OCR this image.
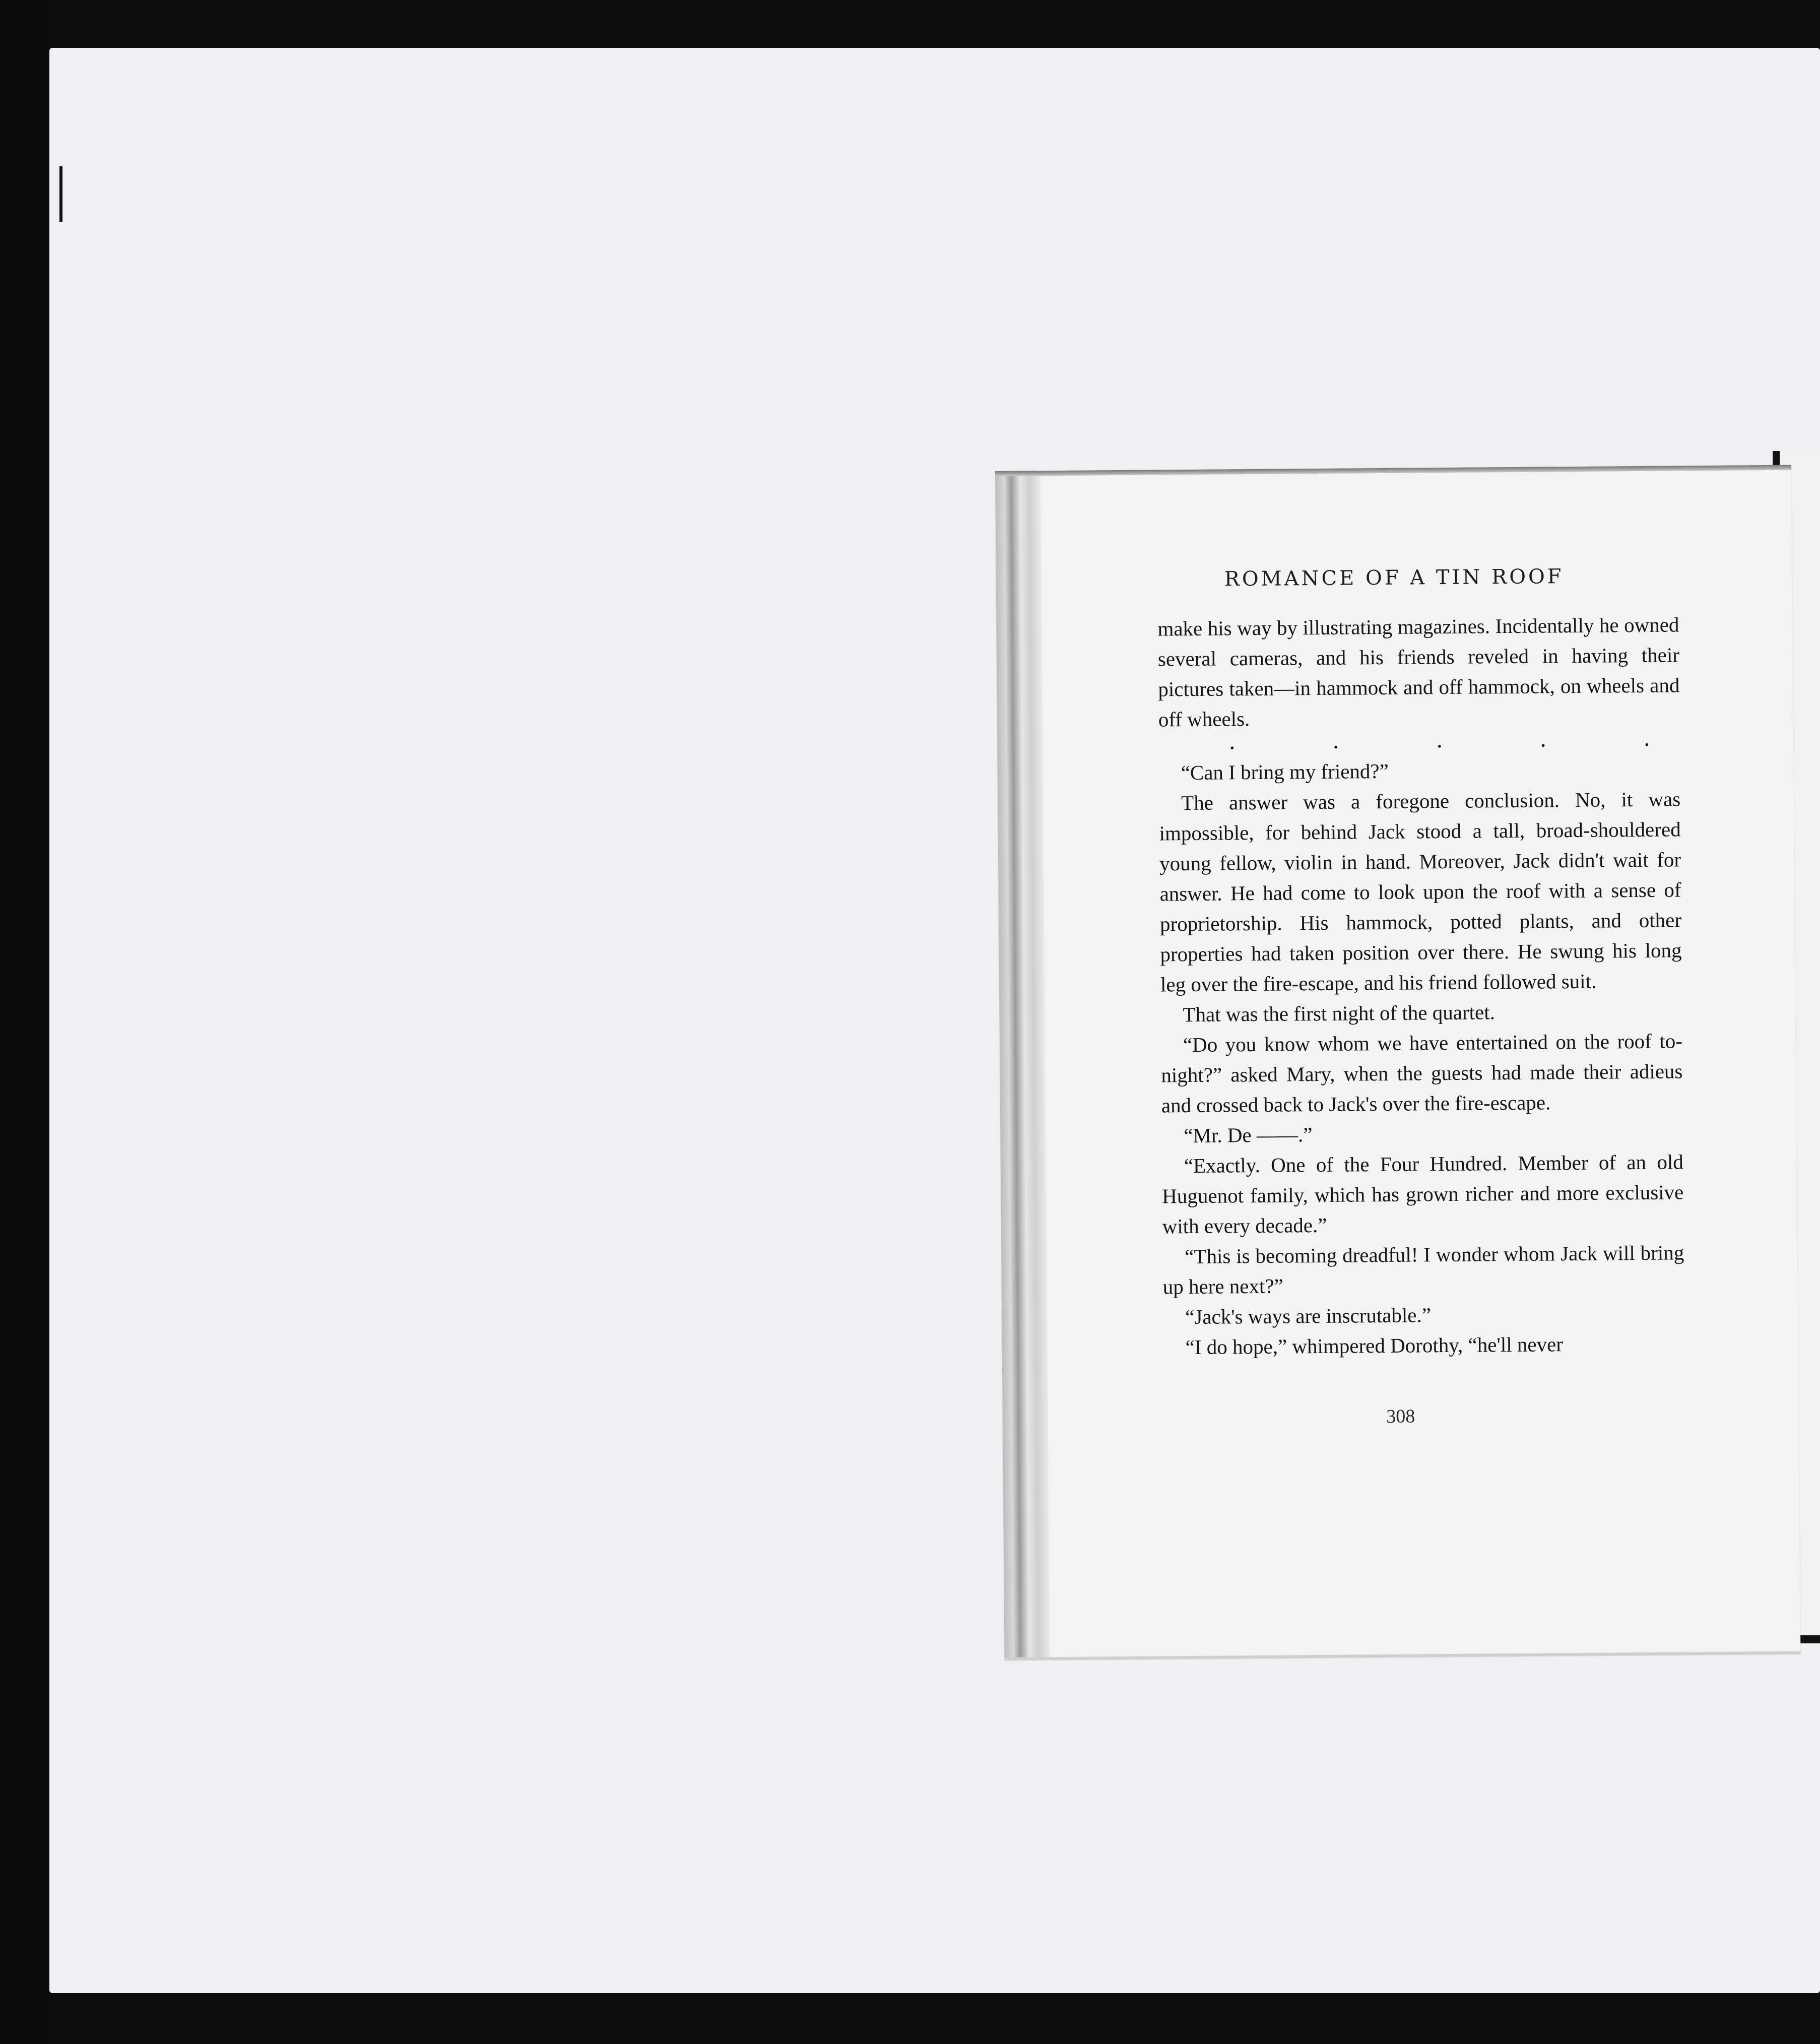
ROMANCE OF A TIN ROOF

make his way by illustrating magazines. Incidentally he owned several cameras, and his friends reveled in having their pictures taken—in hammock and off hammock, on wheels and off wheels.

.	.	.	.	.

“Can I bring my friend?”

The answer was a foregone conclusion. No, it was impossible, for behind Jack stood a tall, broad-shouldered young fellow, violin in hand. Moreover, Jack didn't wait for answer. He had come to look upon the roof with a sense of proprietorship. His hammock, potted plants, and other properties had taken position over there. He swung his long leg over the fire-escape, and his friend followed suit.

That was the first night of the quartet.

“Do you know whom we have entertained on the roof to-night?” asked Mary, when the guests had made their adieus and crossed back to Jack's over the fire-escape.

“Mr. De ——.”

“Exactly. One of the Four Hundred. Member of an old Huguenot family, which has grown richer and more exclusive with every decade.”

“This is becoming dreadful! I wonder whom Jack will bring up here next?”

“Jack's ways are inscrutable.”

“I do hope,” whimpered Dorothy, “he'll never

308
